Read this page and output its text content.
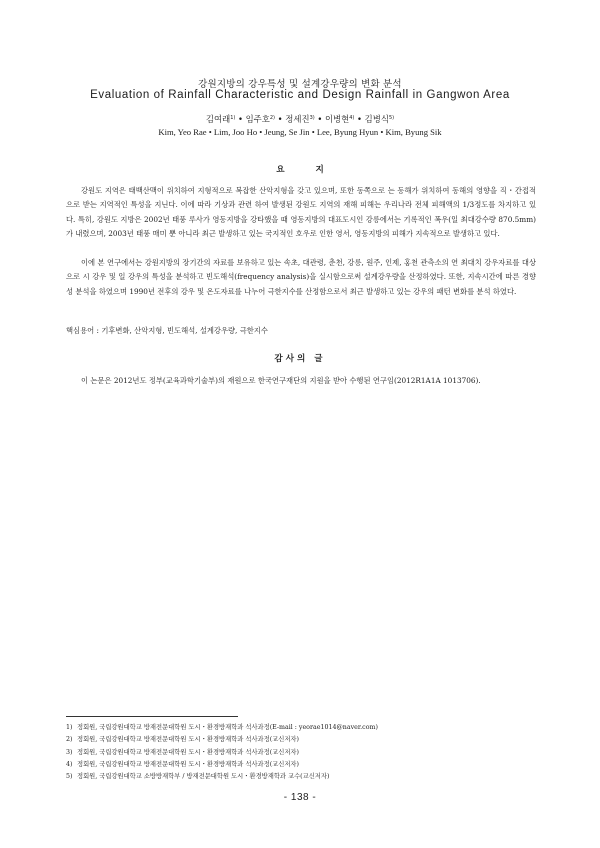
강원지방의 강우특성 및 설계강우량의 변화 분석
Evaluation of Rainfall Characteristic and Design Rainfall in Gangwon Area
김여래$^{1)}$ • 임주호$^{2)}$ • 정세진$^{3)}$ • 이병현$^{4)}$ • 김병식$^{5)}$
Kim, Yeo Rae • Lim, Joo Ho • Jeung, Se Jin • Lee, Byung Hyun • Kim, Byung Sik
요 지

강원도 지역은 태백산맥이 위치하여 지형적으로 복잡한 산악지형을 갖고 있으며, 또한 동쪽으로 는 동해가 위치하여 동해의 영향을 직・간접적으로 받는 지역적인 특성을 지닌다. 이에 따라 기상과 관련 하여 발생된 강원도 지역의 재해 피해는 우리나라 전체 피해액의 1/3정도를 차지하고 있다. 특히, 강원도 지방은 2002년 태풍 루사가 영동지방을 강타했을 때 영동지방의 대표도시인 강릉에서는 기록적인 폭우(일 최대강수량 870.5mm)가 내렸으며, 2003년 태풍 매미 뿐 아니라 최근 발생하고 있는 국지적인 호우로 인한 영서, 영동지방의 피해가 지속적으로 발생하고 있다.

이에 본 연구에서는 강원지방의 장기간의 자료를 보유하고 있는 속초, 대관령, 춘천, 강릉, 원주, 인제, 홍천 관측소의 연 최대치 강우자료를 대상으로 시 강우 및 일 강우의 특성을 분석하고 빈도해석(frequency analysis)을 실시함으로써 설계강우량을 산정하였다. 또한, 지속시간에 따른 경향성 분석을 하였으며 1990년 전후의 강우 및 온도자료를 나누어 극한지수를 산정함으로서 최근 발생하고 있는 강우의 패턴 변화를 분석 하였다.

핵심용어 : 기후변화, 산악지형, 빈도해석, 설계강우량, 극한지수
감사의 글

이 논문은 2012년도 정부(교육과학기술부)의 재원으로 한국연구재단의 지원을 받아 수행된 연구임(2012R1A1A 1013706).

1) 정회원, 국립강원대학교 방재전문대학원 도시・환경방재학과 석사과정(E-mail : yeorae1014@naver.com)
2) 정회원, 국립강원대학교 방재전문대학원 도시・환경방재학과 석사과정(교신저자)
3) 정회원, 국립강원대학교 방재전문대학원 도시・환경방재학과 석사과정(교신저자)
4) 정회원, 국립강원대학교 방재전문대학원 도시・환경방재학과 석사과정(교신저자)
5) 정회원, 국립강원대학교 소방방재학부 / 방재전문대학원 도시・환경방재학과 교수(교신저자)
- 138 -
